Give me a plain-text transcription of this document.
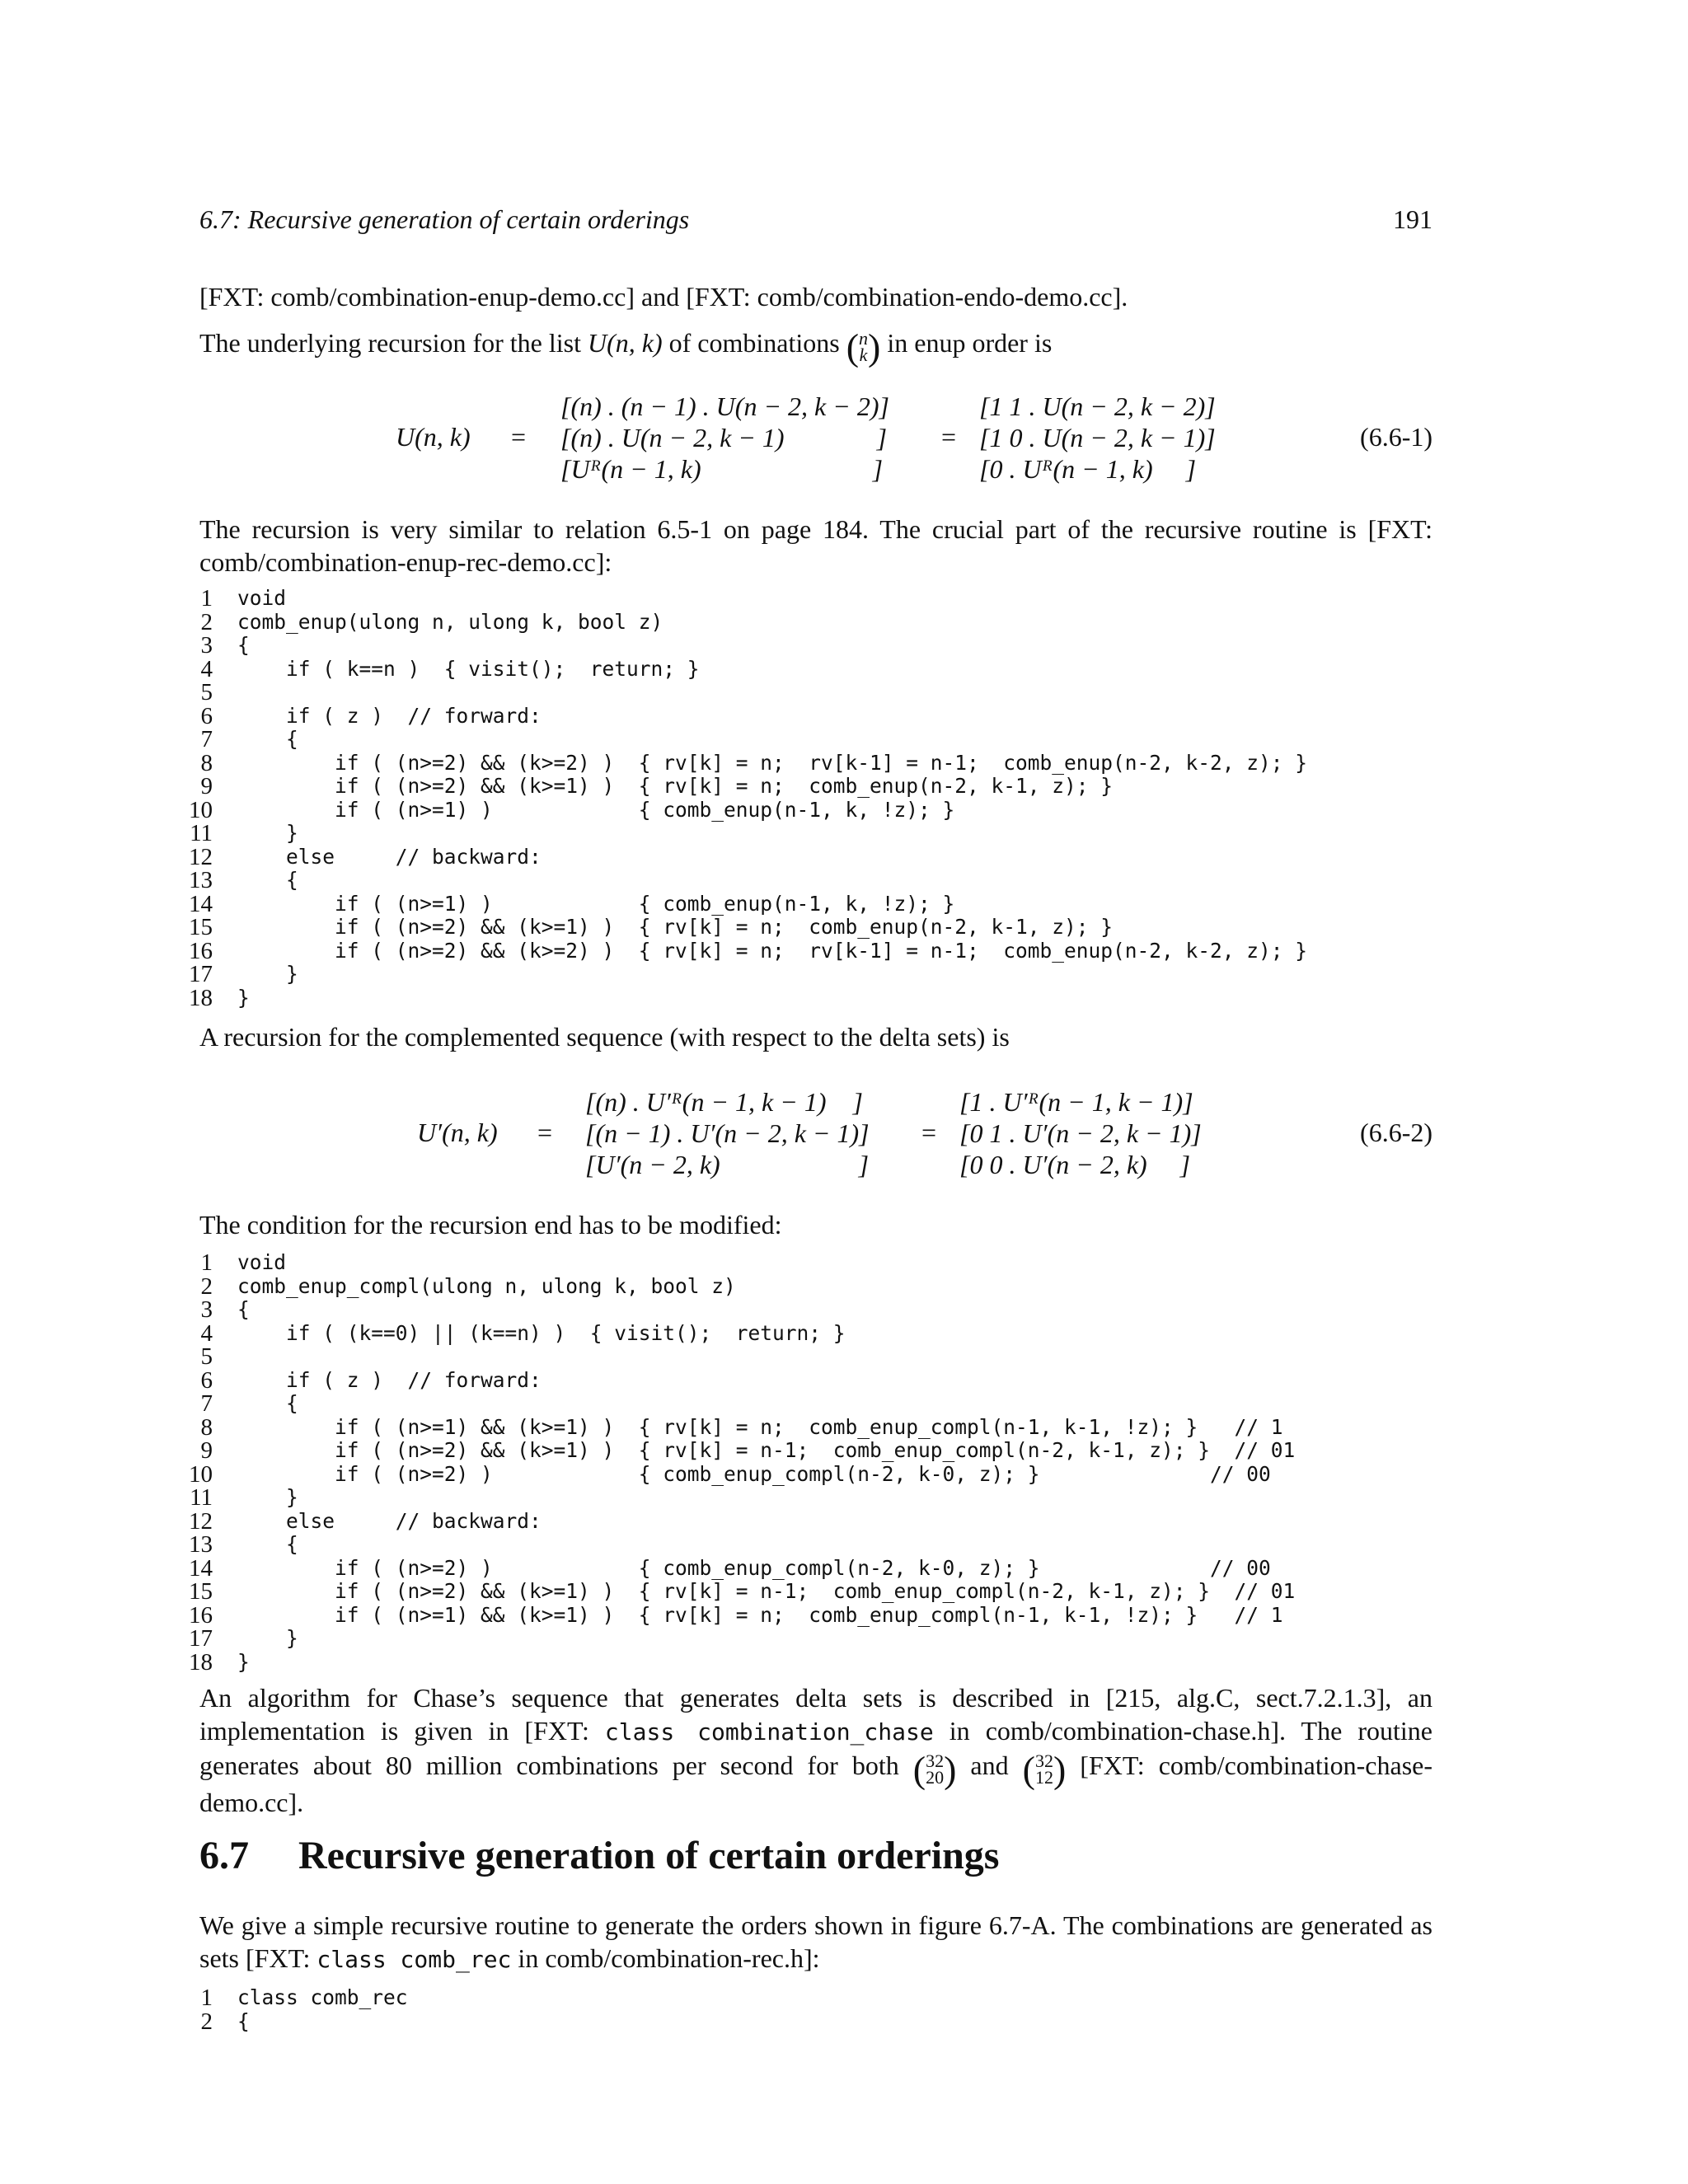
6.7: Recursive generation of certain orderings	191
[FXT: comb/combination-enup-demo.cc] and [FXT: comb/combination-endo-demo.cc].
The underlying recursion for the list U(n, k) of combinations (n
k) in enup order is
U(n, k) =
[(n) . (n − 1) . U(n − 2, k − 2)]
[(n) . U(n − 2, k − 1)              ]
[Uᴿ(n − 1, k)                          ]
=
[1 1 . U(n − 2, k − 2)]
[1 0 . U(n − 2, k − 1)]
[0 . Uᴿ(n − 1, k)     ]
(6.6-1)
The recursion is very similar to relation 6.5-1 on page 184. The crucial part of the recursive routine is [FXT: comb/combination-enup-rec-demo.cc]:
1 void
2 comb_enup(ulong n, ulong k, bool z)
3 {
4 if ( k==n )  { visit();  return; }
5
6 if ( z )  // forward:
7 {
8 if ( (n>=2) && (k>=2) )  { rv[k] = n;  rv[k-1] = n-1;  comb_enup(n-2, k-2, z); }
9 if ( (n>=2) && (k>=1) )  { rv[k] = n;  comb_enup(n-2, k-1, z); }
10 if ( (n>=1) )            { comb_enup(n-1, k, !z); }
11 }
12 else     // backward:
13 {
14 if ( (n>=1) )            { comb_enup(n-1, k, !z); }
15 if ( (n>=2) && (k>=1) )  { rv[k] = n;  comb_enup(n-2, k-1, z); }
16 if ( (n>=2) && (k>=2) )  { rv[k] = n;  rv[k-1] = n-1;  comb_enup(n-2, k-2, z); }
17 }
18 }
A recursion for the complemented sequence (with respect to the delta sets) is
U′(n, k) =
[(n) . U′ᴿ(n − 1, k − 1)    ]
[(n − 1) . U′(n − 2, k − 1)]
[U′(n − 2, k)                     ]
=
[1 . U′ᴿ(n − 1, k − 1)]
[0 1 . U′(n − 2, k − 1)]
[0 0 . U′(n − 2, k)     ]
(6.6-2)
The condition for the recursion end has to be modified:
1 void
2 comb_enup_compl(ulong n, ulong k, bool z)
3 {
4 if ( (k==0) || (k==n) )  { visit();  return; }
5
6 if ( z )  // forward:
7 {
8 if ( (n>=1) && (k>=1) )  { rv[k] = n;  comb_enup_compl(n-1, k-1, !z); }   // 1
9 if ( (n>=2) && (k>=1) )  { rv[k] = n-1;  comb_enup_compl(n-2, k-1, z); }  // 01
10 if ( (n>=2) )            { comb_enup_compl(n-2, k-0, z); }              // 00
11 }
12 else     // backward:
13 {
14 if ( (n>=2) )            { comb_enup_compl(n-2, k-0, z); }              // 00
15 if ( (n>=2) && (k>=1) )  { rv[k] = n-1;  comb_enup_compl(n-2, k-1, z); }  // 01
16 if ( (n>=1) && (k>=1) )  { rv[k] = n;  comb_enup_compl(n-1, k-1, !z); }   // 1
17 }
18 }
An algorithm for Chase’s sequence that generates delta sets is described in [215, alg.C, sect.7.2.1.3], an implementation is given in [FXT: class combination_chase in comb/combination-chase.h]. The routine generates about 80 million combinations per second for both (32
20) and (32
12) [FXT: comb/combination-chase-demo.cc].
6.7 Recursive generation of certain orderings
We give a simple recursive routine to generate the orders shown in figure 6.7-A. The combinations are generated as sets [FXT: class comb_rec in comb/combination-rec.h]:
1 class comb_rec
2 {
